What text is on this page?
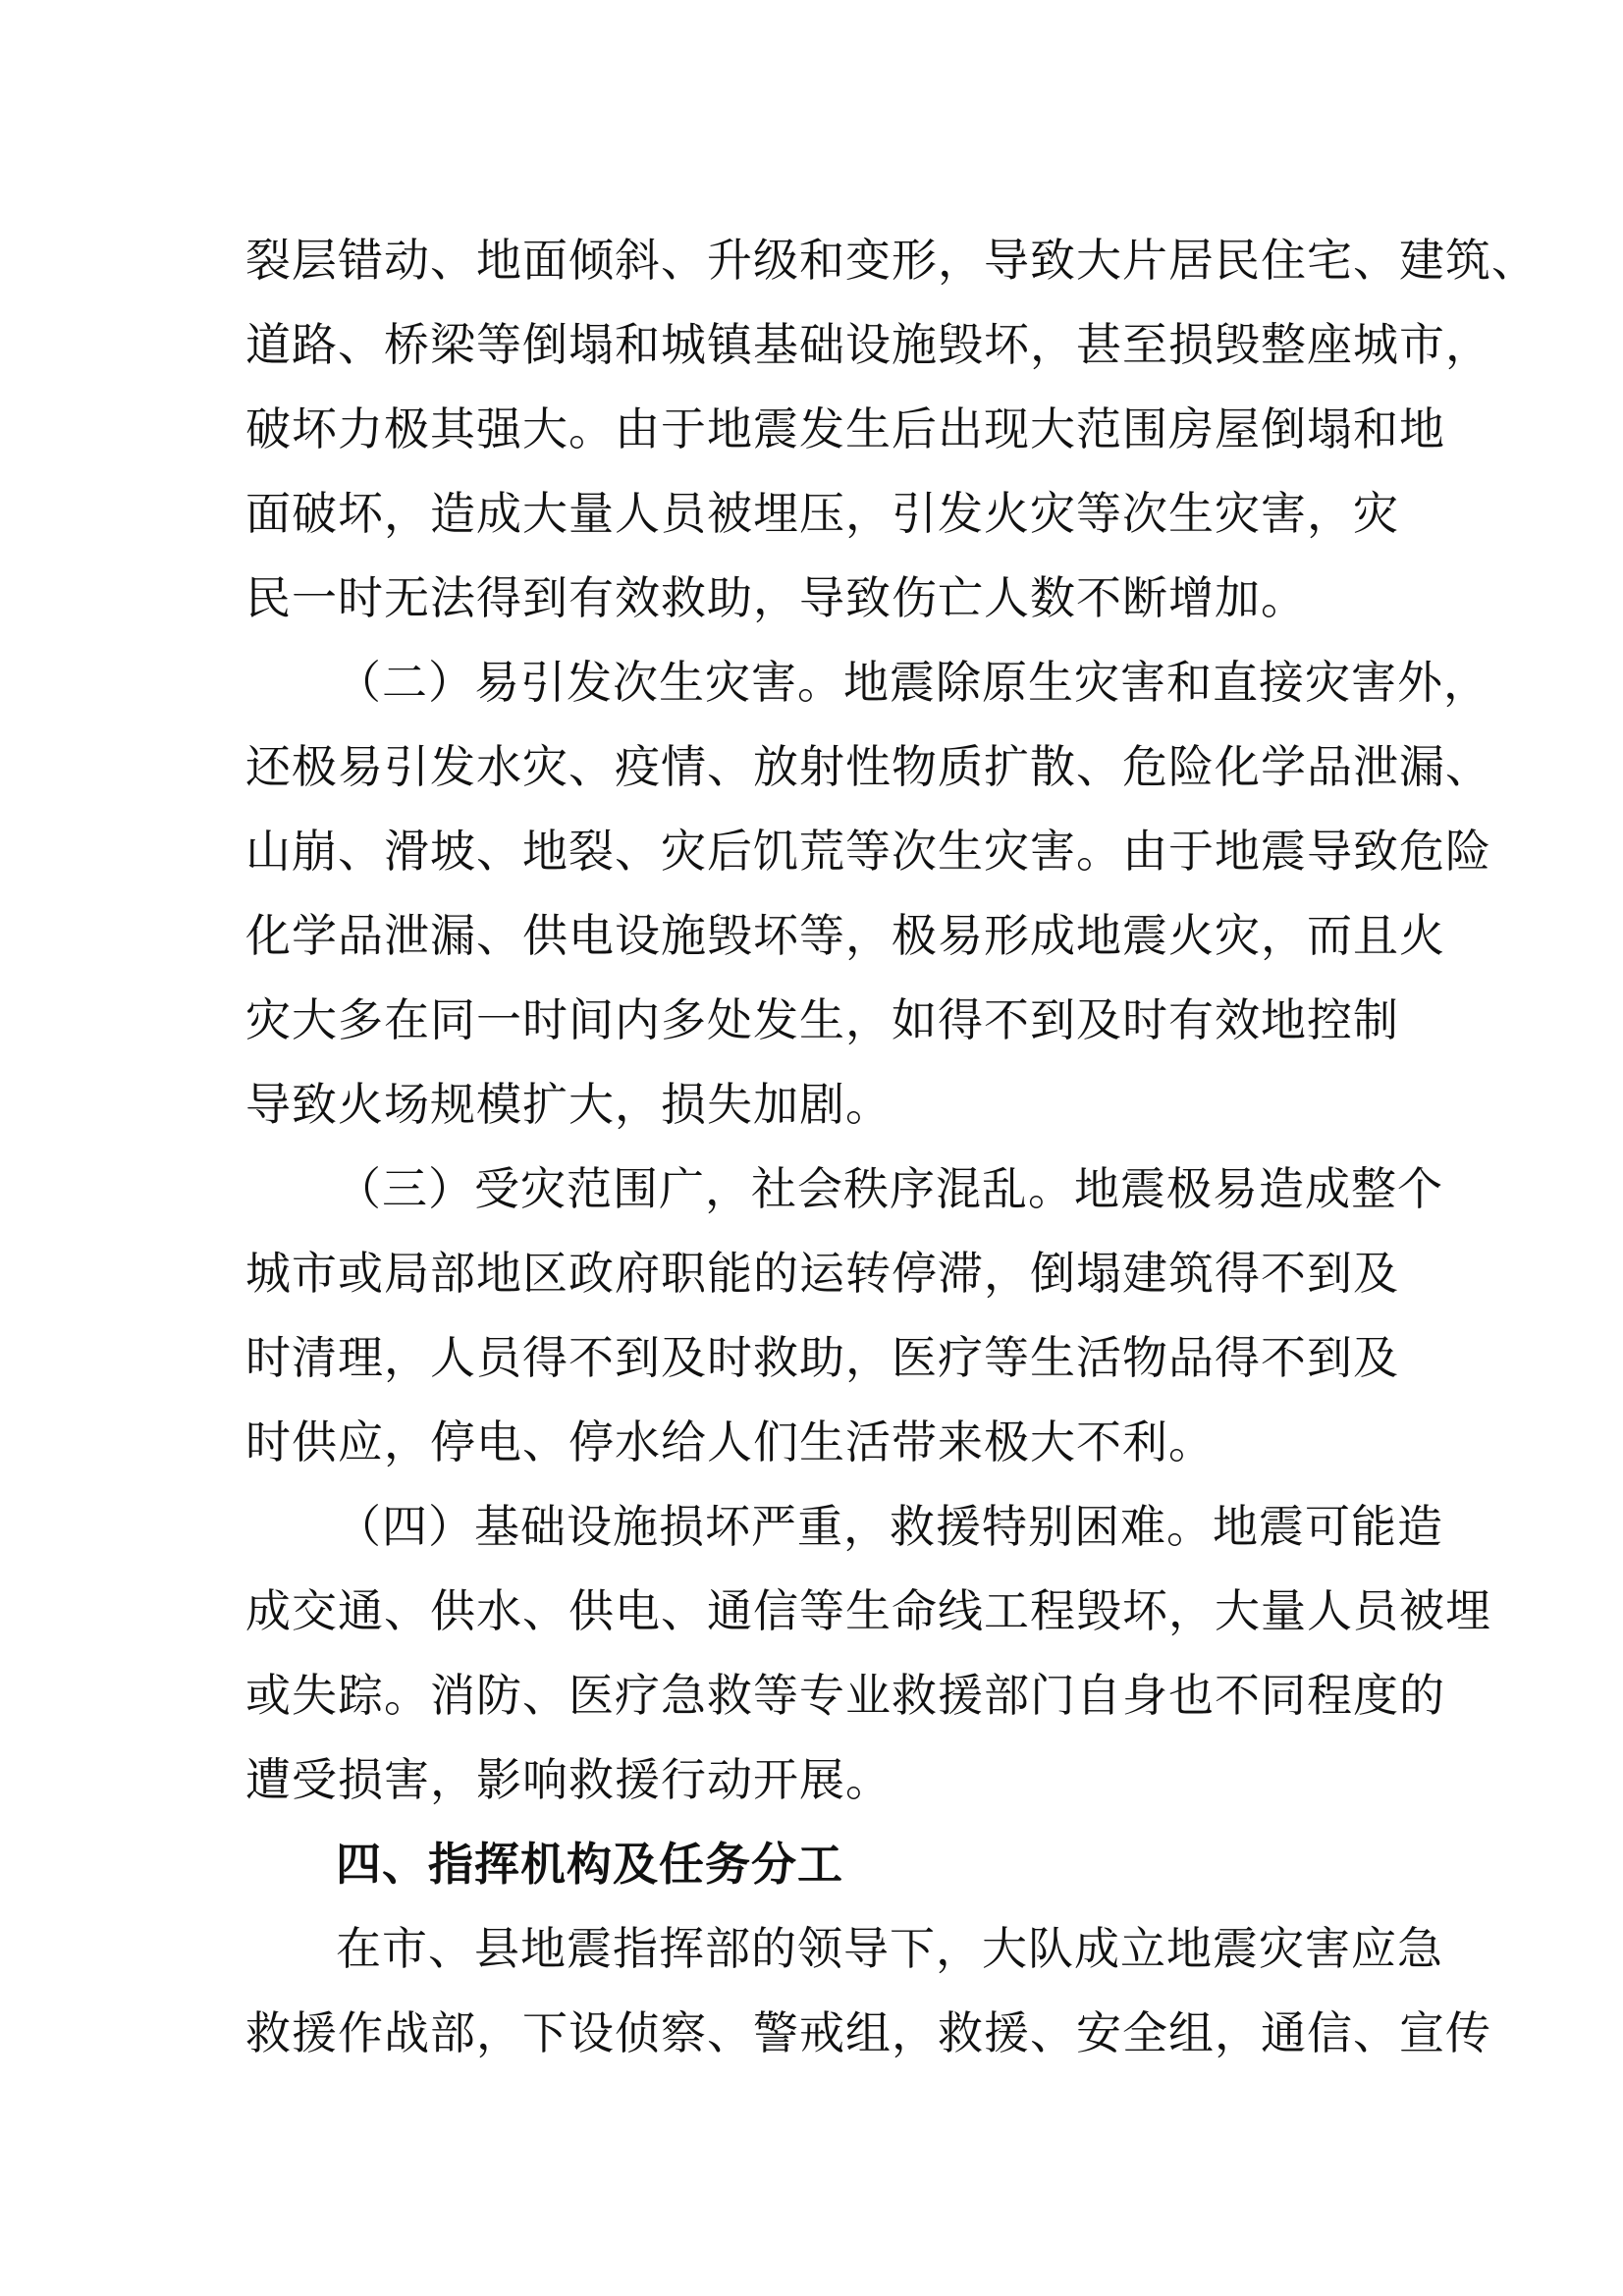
裂层错动、地面倾斜、升级和变形，导致大片居民住宅、建筑、
道路、桥梁等倒塌和城镇基础设施毁坏，甚至损毁整座城市，
破坏力极其强大。由于地震发生后出现大范围房屋倒塌和地
面破坏，造成大量人员被埋压，引发火灾等次生灾害，灾
民一时无法得到有效救助，导致伤亡人数不断增加。
（二）易引发次生灾害。地震除原生灾害和直接灾害外，
还极易引发水灾、疫情、放射性物质扩散、危险化学品泄漏、
山崩、滑坡、地裂、灾后饥荒等次生灾害。由于地震导致危险
化学品泄漏、供电设施毁坏等，极易形成地震火灾，而且火
灾大多在同一时间内多处发生，如得不到及时有效地控制
导致火场规模扩大，损失加剧。
（三）受灾范围广，社会秩序混乱。地震极易造成整个
城市或局部地区政府职能的运转停滞，倒塌建筑得不到及
时清理，人员得不到及时救助，医疗等生活物品得不到及
时供应，停电、停水给人们生活带来极大不利。
（四）基础设施损坏严重，救援特别困难。地震可能造
成交通、供水、供电、通信等生命线工程毁坏，大量人员被埋
或失踪。消防、医疗急救等专业救援部门自身也不同程度的
遭受损害，影响救援行动开展。
四、指挥机构及任务分工
在市、县地震指挥部的领导下，大队成立地震灾害应急
救援作战部，下设侦察、警戒组，救援、安全组，通信、宣传
